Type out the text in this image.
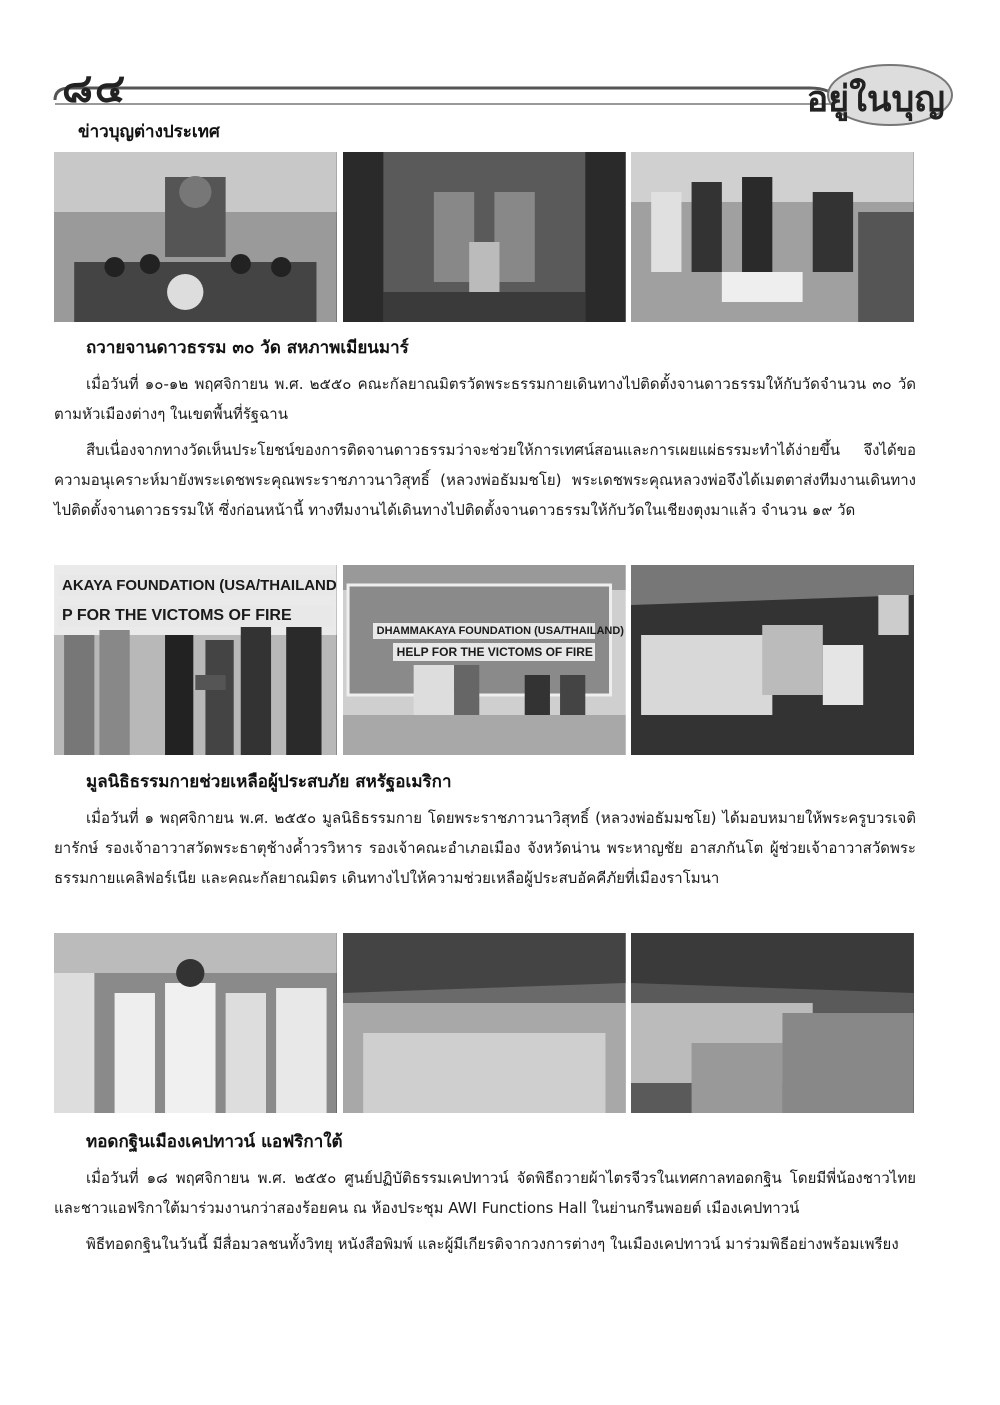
๘๔	อยู่ในบุญ
ข่าวบุญต่างประเทศ
ถวายจานดาวธรรม ๓๐ วัด สหภาพเมียนมาร์

เมื่อวันที่ ๑๐-๑๒ พฤศจิกายน พ.ศ. ๒๕๕๐ คณะกัลยาณมิตรวัดพระธรรมกายเดินทางไปติดตั้งจานดาวธรรมให้กับวัดจำนวน ๓๐ วัด ตามหัวเมืองต่างๆ ในเขตพื้นที่รัฐฉาน

สืบเนื่องจากทางวัดเห็นประโยชน์ของการติดจานดาวธรรมว่าจะช่วยให้การเทศน์สอนและการเผยแผ่ธรรมะทำได้ง่ายขึ้น จึงได้ขอความอนุเคราะห์มายังพระเดชพระคุณพระราชภาวนาวิสุทธิ์ (หลวงพ่อธัมมชโย) พระเดชพระคุณหลวงพ่อจึงได้เมตตาส่งทีมงานเดินทางไปติดตั้งจานดาวธรรมให้ ซึ่งก่อนหน้านี้ ทางทีมงานได้เดินทางไปติดตั้งจานดาวธรรมให้กับวัดในเชียงตุงมาแล้ว จำนวน ๑๙ วัด

AKAYA FOUNDATION (USA/THAILAND
P FOR THE VICTOMS OF FIRE
DHAMMAKAYA FOUNDATION (USA/THAILAND)
HELP FOR THE VICTOMS OF FIRE
มูลนิธิธรรมกายช่วยเหลือผู้ประสบภัย สหรัฐอเมริกา

เมื่อวันที่ ๑ พฤศจิกายน พ.ศ. ๒๕๕๐ มูลนิธิธรรมกาย โดยพระราชภาวนาวิสุทธิ์ (หลวงพ่อธัมมชโย) ได้มอบหมายให้พระครูบวรเจติยารักษ์ รองเจ้าอาวาสวัดพระธาตุช้างค้ำวรวิหาร รองเจ้าคณะอำเภอเมือง จังหวัดน่าน พระหาญชัย อาสภกันโต ผู้ช่วยเจ้าอาวาสวัดพระธรรมกายแคลิฟอร์เนีย และคณะกัลยาณมิตร เดินทางไปให้ความช่วยเหลือผู้ประสบอัคคีภัยที่เมืองราโมนา

ทอดกฐินเมืองเคปทาวน์ แอฟริกาใต้

เมื่อวันที่ ๑๘ พฤศจิกายน พ.ศ. ๒๕๕๐ ศูนย์ปฏิบัติธรรมเคปทาวน์ จัดพิธีถวายผ้าไตรจีวรในเทศกาลทอดกฐิน โดยมีพี่น้องชาวไทยและชาวแอฟริกาใต้มาร่วมงานกว่าสองร้อยคน ณ ห้องประชุม AWI Functions Hall ในย่านกรีนพอยต์ เมืองเคปทาวน์

พิธีทอดกฐินในวันนี้ มีสื่อมวลชนทั้งวิทยุ หนังสือพิมพ์ และผู้มีเกียรติจากวงการต่างๆ ในเมืองเคปทาวน์ มาร่วมพิธีอย่างพร้อมเพรียง
